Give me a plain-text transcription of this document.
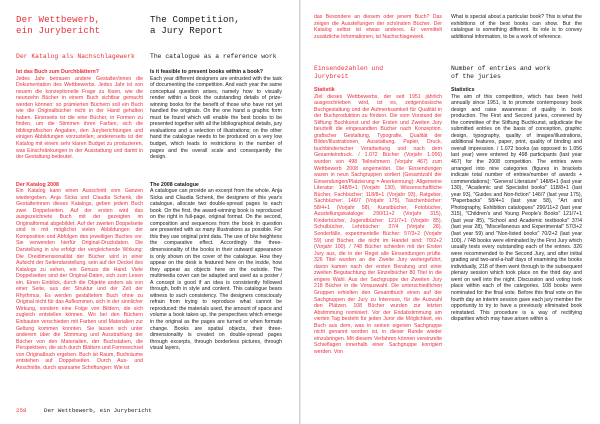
Der Wettbewerb,

ein Jurybericht

Der Katalog als Nachschlagewerk

Ist das Buch zum Durchblättern?

Jedes Jahr betrauen andere Gestalter/innen die Dokumentation des Wettbewerbs. Jedes Jahr ist von neuem die konzeptionelle Frage zu lösen, wie die neunzehn Bücher in einem Buch sichtbar gemacht werden können: so prämierten Büchern soll ein Buch wie die Originalbücher nicht in der Hand gehalten haben. Einerseits ist die eine Bücher, in Formen zu finden, um die Stimmen ihren Farben, sich die bibliografischen Angaben, den Juryberichtungen und einigen Abbildungen vorzustellen; andererseits ist der Katalog mit einem sehr klaren Budget zu produzieren, was Einschränkungen in der Ausstattung und damit in der Gestaltung bedeutet.

Der Katalog 2008

Ein Katalog kann einen Ausschnitt vom Ganzen wiedergeben. Anja Sicka und Claudia Schenk, die Gestalterinnen dieses Katalogs, geben jedem Buch zwei Doppelseiten. Auf der ersten wird das ausgezeichnete Buch mit der gezeigten im Originalformat abgebildet. Auf der zweiten Doppelseite sind in mit möglichst vielen Abbildungen der Komposition und Abfolgen des jeweiligen Buches vor. Sie verwenden hierfür Original-Druckdaten. Die Darstellung in s/w erfolgt der vergleichende Wirkung: Die Dreidimensionalität der Bücher wird in einer Aufsicht der Seitendarstellung, sein auf der Deckel des Katalogs zu sehen, ein Genuss die Hand. Viele Doppelseiten sind der Original-Daten, sich zum Lesen ein. Einen Einblick, durch die Objekte anders als von einer Seite, aus der Struktur und der Zeit der Rhythmus. Es werden gestaltetem Buch ohne zu Original nicht für das Aufkommen, sich in der sinnlicher Wirkung, sondern eine Folge von Bildern, die sich zugleich entstellen können. Wo bei den Büchern Einbauten verschieden mit Farben und Materialien zur Geltung kommen konnten. Sie lassen sich unter anderem über die Stimmung und Ausstrahlung der Bücher von den Materialien, der Buchstaben, die Perspektiven, die sich durch Blättern und Formwechsel von Originalbuch ergeben. Buch ist Raum, Buchräume entstehen auf Doppelseiten. Durch Aus- und Anschnitte, durch sparsame Schriftungen: Wie ist

The Competition,

a Jury Report

The catalogue as a reference work

Is it feasible to present books within a book?

Each year different designers are entrusted with the task of documenting the competition. And each year the same conceptual question arises, namely how to visually render within a book the outstanding details of prize-winning books for the benefit of those who have not yet handled the originals. On the one hand a graphic form must be found which will enable the best books to be presented together with all the bibliographical details, jury evaluations and a selection of illustrations; on the other hand the catalogue needs to be produced on a very low budget, which leads to restrictions in the number of pages and the overall scale and consequently the design.

The 2008 catalogue

A catalogue can provide an excerpt from the whole. Anja Sicka and Claudia Schenk, the designers of this year's catalogue, allocate two double-spread pages to each book. On the first, the award-winning book is reproduced on the right in full-page, original format. On the second, composition and sequences from the book in question are presented with as many illustrations as possible. For this they use original print data. The use of b/w heightens the comparative effect. Accordingly the three-dimensionality of the books in their outward appearance is only shown on the cover of the catalogue. How they appear on the desk is featured here on the inside, how they appear as objects here on the outside. The multimedia cover can be adapted and used as a poster / A concept is good if an idea is consistently followed through, both in style and content. This catalogue bears witness to such consistency. The designers consciously refrain from trying to reproduce what cannot be reproduced: the materials used, the amount of space and volume a book takes up, the perspectives which emerge in the original as the pages are turned or when formats change. Books are spatial objects, their three-dimensionality is created on double-spread pages through excerpts, through borderless pictures, through visual layers,

258	Der Wettbewerb, ein Jurybericht

das Besondere an diesem oder jenem Buch? Das zeigen die Ausstellungen der schönsten Bücher. Der Katalog selbst ist etwas anderes. Er vermittelt zusätzliche Informationen, ist Nachschlagewerk.

Einsendezahlen und

Jurybreit

Statistik

Ziel dieses Wettbewerbs, der seit 1951 jährlich ausgeschrieben wird, ist es, zeitgenössische Buchgestaltung und die Aufmerksamkeit für Qualität in der Buchproduktion zu fördern. Die vom Vorstand der Stiftung Buchkunst und der Ersten und Zweiten Jury beurteilt die eingesandten Bücher nach Konzeption, grafischer Gestaltung, Typografie, Qualität der Bilder/Illustrationen, Ausstattung, Papier, Druck, buchbinderischer Verarbeitung und nach dem Gesamteindruck. / 1.072 Bücher (Vorjahr 1.056) wurden von 498 Teilnehmern (Vorjahr 467) zum Wettbewerb 2008 angemeldet. Die Einsendungen waren in neun Sachgruppen sortiert (Gesamtzahl der Einsendungen/Platzierung = Anerkennung): Allgemeine Literatur: 148/8+1 (Vorjahr 130), Wissenschaftliche Bücher, Fachbücher: 118/8+1 (Vorjahr 93), Ratgeber, Sachbücher: 146/7 (Vorjahr 175), Taschenbücher: 58/4+1 (Vorjahr 58), Kunstbücher, Fotobücher, Ausstellungskataloge: 290/11+2 (Vorjahr 315), Kinderbücher, Jugendbücher: 121/7+1 (Vorjahr 85), Schulbücher, Lehrbücher: 37/4 (Vorjahr 28), Sonderfälle, experimentelle Bücher: 57/3+2 (Vorjahr 59) und Bücher, die nicht im Handel sind: 70/2+2 (Vorjahr 100). / 748 Bücher schieden mit der Ersten Jury aus, die in der Regel alle Einsendungen prüfte. 326 Titel wurden an die Zweite Jury weitergeführt, davon kamen nach der ersten Beratung und einer zweiten Begutachtung der Einzelbücher 80 Titel in die engere Wahl. Aus der Sachgruppe der Zweiten Jury 218 Bücher in die Vorauswahl. Die unterschiedlichen Gruppen erhielten den Gesamtbuch einen auf der Sachgruppen der Jury zu Interesse, für die Auswahl den Plätzen. 108 Bücher wurden zur letzten Abstimmung nominiert. Vor der Endabstimmung am vierten Tag besteht für jeden Juror die Möglichkeit, ein Buch aus dem, was in seinen eigenen Sachgruppe nicht genannt worden ist, in dieser Runde wieder einzubringen. Mit diesem Verfahren können vereinzelte Schieflagen innerhalb einer Sachgruppe korrigiert werden. Von

What is special about a particular book? This is what the exhibitions of the best books can show. But the catalogue is something different. Its role is to convey additional information, to be a work of reference.

Number of entries and work

of the juries

Statistics

The aim of this competition, which has been held annually since 1951, is to promote contemporary book design and raise awareness of quality in book production. The First and Second juries, convened by the committee of the Stiftung Buchkunst, adjudicate the submitted entries on the basis of conception, graphic design, typography, quality of images/illustrations, additional features, paper, print, quality of binding and overall impression. / 1.072 books (as opposed to 1.056 last year) were entered by 498 participants (last year 467) for the 2008 competition. The entries were arranged into nine categories (figures in brackets indicate total number of entries/number of awards + commendations): "General Literature" 148/8+1 (last year 130), "Academic and Specialist books" 118/8+1 (last year 93), "Guides and Non-fiction" 146/7 (last year 175), "Paperbacks" 58/4+1 (last year 58), "Art and Photography, Exhibition catalogues" 290/11+2 (last year 315), "Children's and Young People's Books" 121/7+1 (last year 85), "School and Academic textbooks" 37/4 (last year 28), "Miscellaneous and Experimental" 57/3+2 (last year 59) and "Non-listed books" 70/2+2 (last year 100). / 748 books were eliminated by the First Jury which usually tests every outstanding each of the entries. 326 were recommended to the Second Jury, and after initial grading and two-and-a-half days of examining the books individually, 218 of them went through to the subsequent plenary session which took place on the third day and went on well into the night. Discussion and voting took place within each of the categories. 108 books were nominated for the final vote. Before this final vote on the fourth day an interim session gave each jury member the opportunity to try to have a previously eliminated book reinstated. This procedure is a way of rectifying disparities which may have arisen within a
